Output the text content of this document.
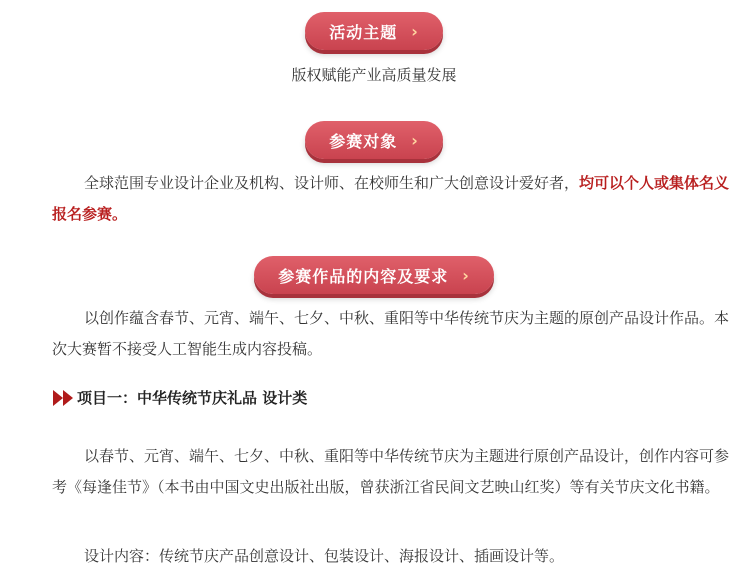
活动主题 ›
版权赋能产业高质量发展
参赛对象 ›
全球范围专业设计企业及机构、设计师、在校师生和广大创意设计爱好者，均可以个人或集体名义报名参赛。
参赛作品的内容及要求 ›
以创作蕴含春节、元宵、端午、七夕、中秋、重阳等中华传统节庆为主题的原创产品设计作品。本次大赛暂不接受人工智能生成内容投稿。
项目一：中华传统节庆礼品 设计类
以春节、元宵、端午、七夕、中秋、重阳等中华传统节庆为主题进行原创产品设计，创作内容可参考《每逢佳节》（本书由中国文史出版社出版，曾获浙江省民间文艺映山红奖）等有关节庆文化书籍。
设计内容：传统节庆产品创意设计、包装设计、海报设计、插画设计等。
